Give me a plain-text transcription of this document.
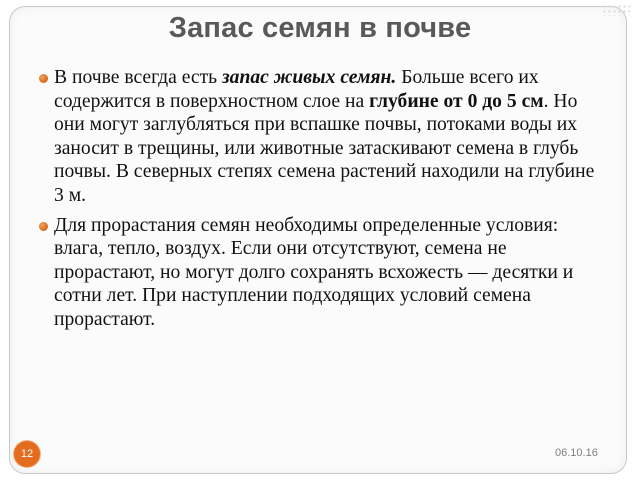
Запас семян в почве

В почве всегда есть запас живых семян. Больше всего их содержится в поверхностном слое на глубине от 0 до 5 см. Но они могут заглубляться при вспашке почвы, потоками воды их заносит в трещины, или животные затаскивают семена в глубь почвы. В северных степях семена растений находили на глубине 3 м.

Для прорастания семян необходимы определенные условия: влага, тепло, воздух. Если они отсутствуют, семена не прорастают, но могут долго сохранять всхожесть — десятки и сотни лет. При наступлении подходящих условий семена прорастают.

12	06.10.16
